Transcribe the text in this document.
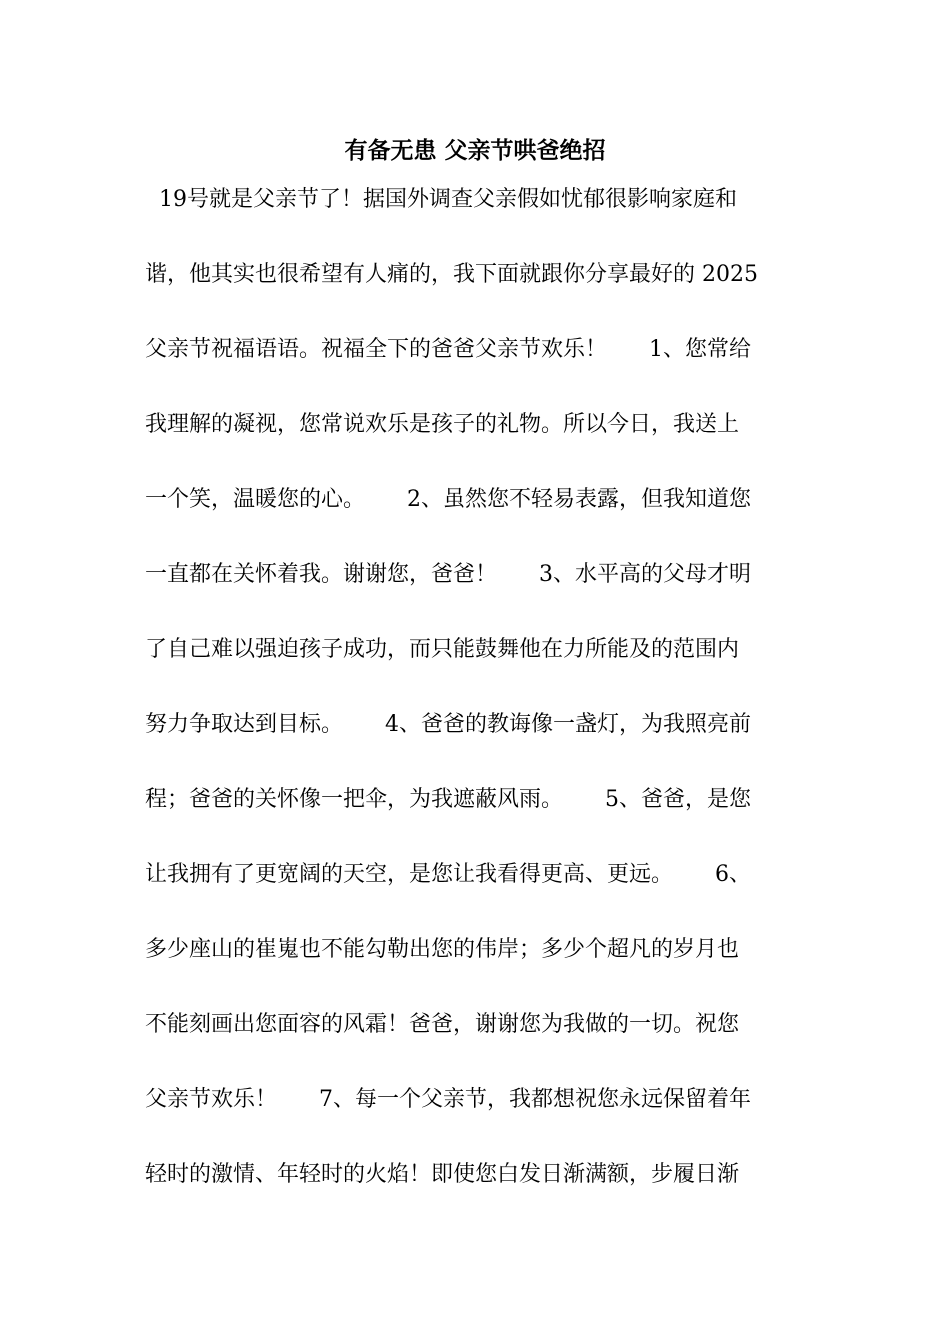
有备无患 父亲节哄爸绝招
19号就是父亲节了！据国外调查父亲假如忧郁很影响家庭和
谐，他其实也很希望有人痛的，我下面就跟你分享最好的 2025
父亲节祝福语语。祝福全下的爸爸父亲节欢乐！      1、您常给
我理解的凝视，您常说欢乐是孩子的礼物。所以今日，我送上
一个笑，温暖您的心。      2、虽然您不轻易表露，但我知道您
一直都在关怀着我。谢谢您，爸爸！      3、水平高的父母才明
了自己难以强迫孩子成功，而只能鼓舞他在力所能及的范围内
努力争取达到目标。      4、爸爸的教诲像一盏灯，为我照亮前
程；爸爸的关怀像一把伞，为我遮蔽风雨。      5、爸爸，是您
让我拥有了更宽阔的天空，是您让我看得更高、更远。      6、
多少座山的崔嵬也不能勾勒出您的伟岸；多少个超凡的岁月也
不能刻画出您面容的风霜！爸爸，谢谢您为我做的一切。祝您
父亲节欢乐！      7、每一个父亲节，我都想祝您永远保留着年
轻时的激情、年轻时的火焰！即使您白发日渐满额，步履日渐
